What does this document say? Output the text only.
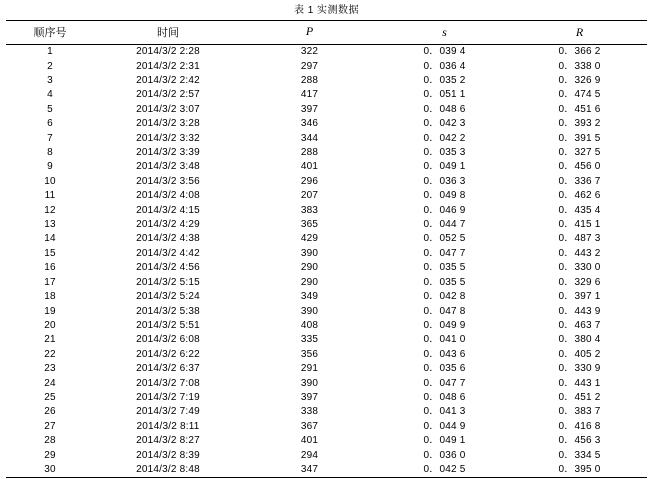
表 1 实测数据
顺序号	时间	P	s	R
1	2014/3/2 2:28	322	0．039 4	0．366 2
2	2014/3/2 2:31	297	0．036 4	0．338 0
3	2014/3/2 2:42	288	0．035 2	0．326 9
4	2014/3/2 2:57	417	0．051 1	0．474 5
5	2014/3/2 3:07	397	0．048 6	0．451 6
6	2014/3/2 3:28	346	0．042 3	0．393 2
7	2014/3/2 3:32	344	0．042 2	0．391 5
8	2014/3/2 3:39	288	0．035 3	0．327 5
9	2014/3/2 3:48	401	0．049 1	0．456 0
10	2014/3/2 3:56	296	0．036 3	0．336 7
11	2014/3/2 4:08	207	0．049 8	0．462 6
12	2014/3/2 4:15	383	0．046 9	0．435 4
13	2014/3/2 4:29	365	0．044 7	0．415 1
14	2014/3/2 4:38	429	0．052 5	0．487 3
15	2014/3/2 4:42	390	0．047 7	0．443 2
16	2014/3/2 4:56	290	0．035 5	0．330 0
17	2014/3/2 5:15	290	0．035 5	0．329 6
18	2014/3/2 5:24	349	0．042 8	0．397 1
19	2014/3/2 5:38	390	0．047 8	0．443 9
20	2014/3/2 5:51	408	0．049 9	0．463 7
21	2014/3/2 6:08	335	0．041 0	0．380 4
22	2014/3/2 6:22	356	0．043 6	0．405 2
23	2014/3/2 6:37	291	0．035 6	0．330 9
24	2014/3/2 7:08	390	0．047 7	0．443 1
25	2014/3/2 7:19	397	0．048 6	0．451 2
26	2014/3/2 7:49	338	0．041 3	0．383 7
27	2014/3/2 8:11	367	0．044 9	0．416 8
28	2014/3/2 8:27	401	0．049 1	0．456 3
29	2014/3/2 8:39	294	0．036 0	0．334 5
30	2014/3/2 8:48	347	0．042 5	0．395 0
